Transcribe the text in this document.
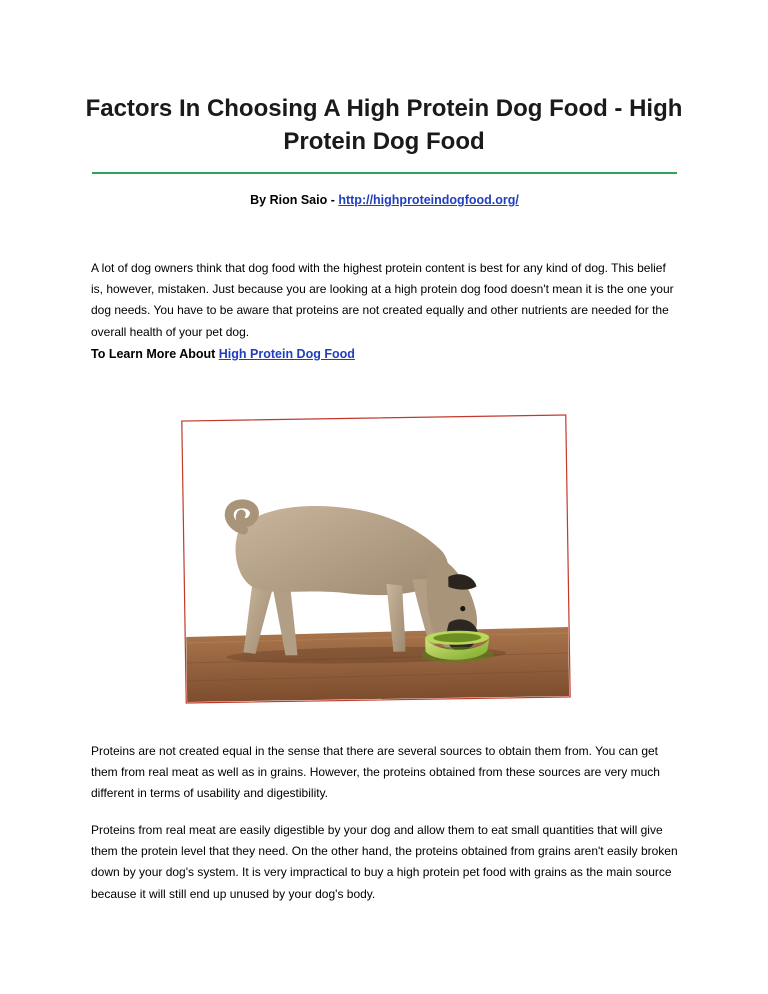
Factors In Choosing A High Protein Dog Food - High Protein Dog Food
By Rion Saio - http://highproteindogfood.org/

A lot of dog owners think that dog food with the highest protein content is best for any kind of dog. This belief is, however, mistaken. Just because you are looking at a high protein dog food doesn't mean it is the one your dog needs. You have to be aware that proteins are not created equally and other nutrients are needed for the overall health of your pet dog.

To Learn More About High Protein Dog Food

Proteins are not created equal in the sense that there are several sources to obtain them from. You can get them from real meat as well as in grains. However, the proteins obtained from these sources are very much different in terms of usability and digestibility.

Proteins from real meat are easily digestible by your dog and allow them to eat small quantities that will give them the protein level that they need. On the other hand, the proteins obtained from grains aren't easily broken down by your dog's system. It is very impractical to buy a high protein pet food with grains as the main source because it will still end up unused by your dog's body.
